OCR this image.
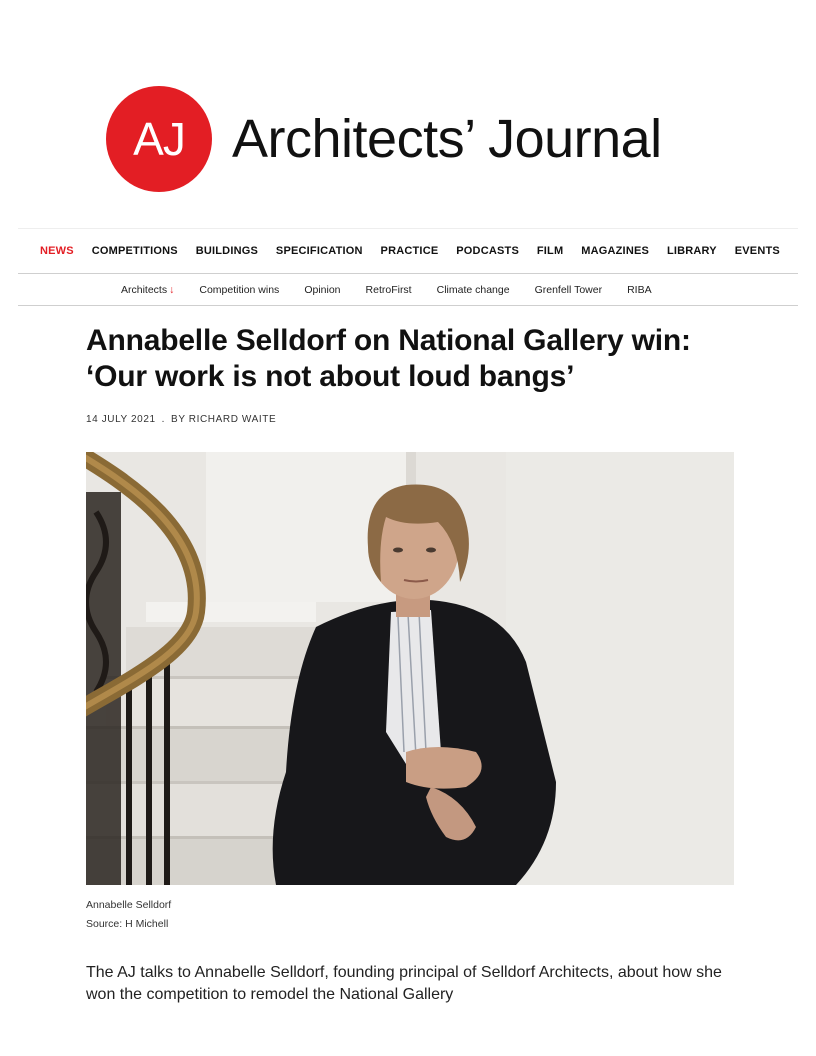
AJ Architects’ Journal
NEWS COMPETITIONS BUILDINGS SPECIFICATION PRACTICE PODCASTS FILM MAGAZINES LIBRARY EVENTS
Architects ↓ Competition wins Opinion RetroFirst Climate change Grenfell Tower RIBA
Annabelle Selldorf on National Gallery win: ‘Our work is not about loud bangs’
14 JULY 2021 . BY RICHARD WAITE
Annabelle Selldorf
Source: H Michell

The AJ talks to Annabelle Selldorf, founding principal of Selldorf Architects, about how she won the competition to remodel the National Gallery
